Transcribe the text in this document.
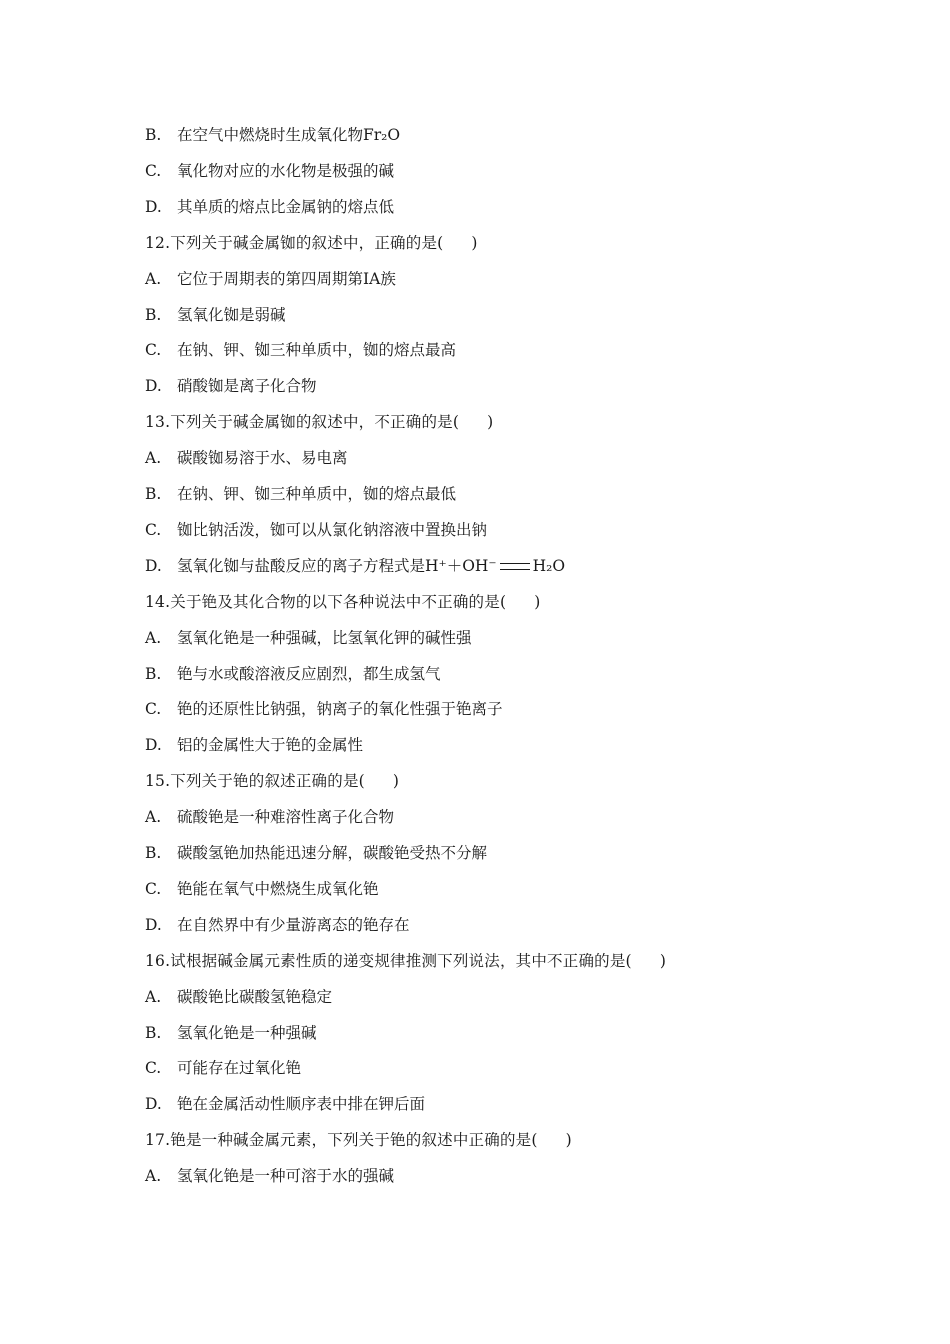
B. 在空气中燃烧时生成氧化物Fr₂O
C. 氧化物对应的水化物是极强的碱
D. 其单质的熔点比金属钠的熔点低
12.下列关于碱金属铷的叙述中，正确的是( )
A. 它位于周期表的第四周期第ⅠA族
B. 氢氧化铷是弱碱
C. 在钠、钾、铷三种单质中，铷的熔点最高
D. 硝酸铷是离子化合物
13.下列关于碱金属铷的叙述中，不正确的是( )
A. 碳酸铷易溶于水、易电离
B. 在钠、钾、铷三种单质中，铷的熔点最低
C. 铷比钠活泼，铷可以从氯化钠溶液中置换出钠
D. 氢氧化铷与盐酸反应的离子方程式是H⁺＋OH⁻ H₂O
14.关于铯及其化合物的以下各种说法中不正确的是( )
A. 氢氧化铯是一种强碱，比氢氧化钾的碱性强
B. 铯与水或酸溶液反应剧烈，都生成氢气
C. 铯的还原性比钠强，钠离子的氧化性强于铯离子
D. 铝的金属性大于铯的金属性
15.下列关于铯的叙述正确的是( )
A. 硫酸铯是一种难溶性离子化合物
B. 碳酸氢铯加热能迅速分解，碳酸铯受热不分解
C. 铯能在氧气中燃烧生成氧化铯
D. 在自然界中有少量游离态的铯存在
16.试根据碱金属元素性质的递变规律推测下列说法，其中不正确的是( )
A. 碳酸铯比碳酸氢铯稳定
B. 氢氧化铯是一种强碱
C. 可能存在过氧化铯
D. 铯在金属活动性顺序表中排在钾后面
17.铯是一种碱金属元素，下列关于铯的叙述中正确的是( )
A. 氢氧化铯是一种可溶于水的强碱
